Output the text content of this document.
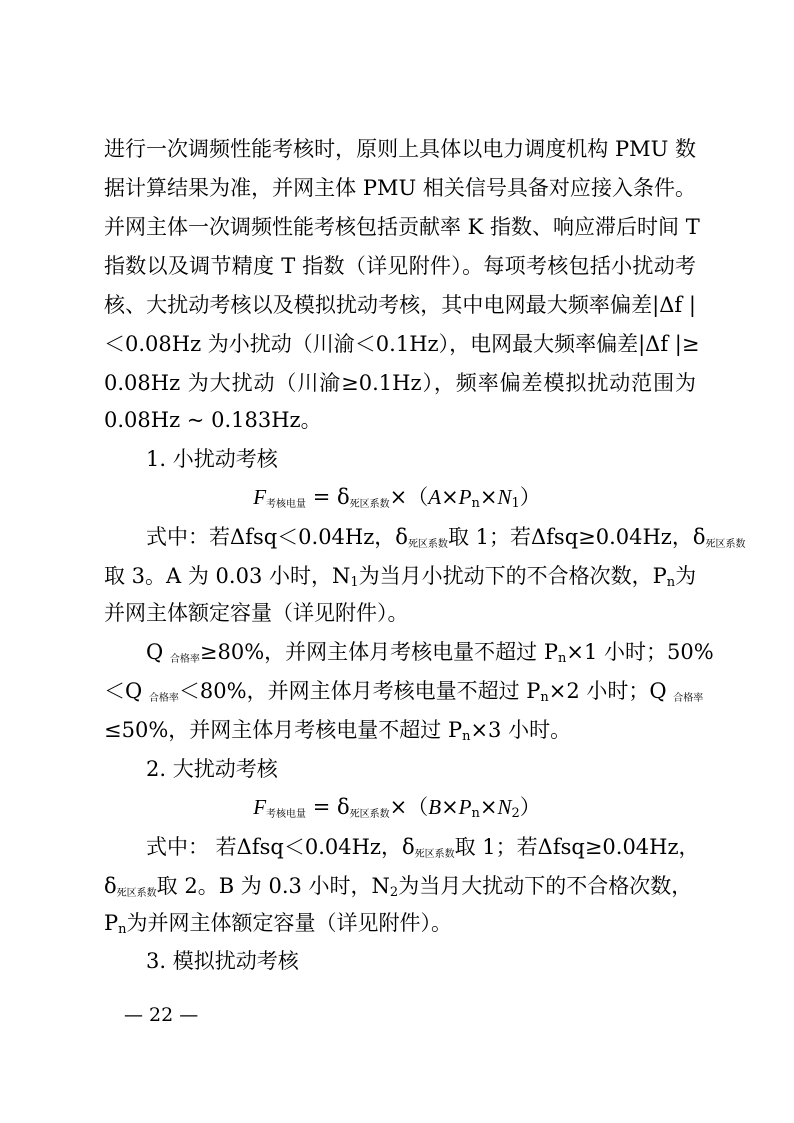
进行一次调频性能考核时，原则上具体以电力调度机构 PMU 数
据计算结果为准，并网主体 PMU 相关信号具备对应接入条件。
并网主体一次调频性能考核包括贡献率 K 指数、响应滞后时间 T
指数以及调节精度 T 指数（详见附件）。每项考核包括小扰动考
核、大扰动考核以及模拟扰动考核，其中电网最大频率偏差|Δf |
＜0.08Hz 为小扰动（川渝＜0.1Hz），电网最大频率偏差|Δf |≥
0.08Hz 为大扰动（川渝≥0.1Hz），频率偏差模拟扰动范围为
0.08Hz ~ 0.183Hz。
1. 小扰动考核
$F_{考核电量} = \delta_{死区系数}\times(A\times P_n\times N_1)$
式中：若Δfsq＜0.04Hz，$\delta_{死区系数}$取 1；若Δfsq≥0.04Hz，$\delta_{死区系数}$
取 3。A 为 0.03 小时，$N_1$为当月小扰动下的不合格次数，$P_n$为
并网主体额定容量（详见附件）。
Q $_{合格率}$≥80%，并网主体月考核电量不超过 $P_n\times 1$ 小时；50%
＜Q $_{合格率}$＜80%，并网主体月考核电量不超过 $P_n\times 2$ 小时；Q $_{合格率}$
≤50%，并网主体月考核电量不超过 $P_n\times 3$ 小时。
2. 大扰动考核
$F_{考核电量} = \delta_{死区系数}\times(B\times P_n\times N_2)$
式中： 若Δfsq＜0.04Hz，$\delta_{死区系数}$取 1；若Δfsq≥0.04Hz，
$\delta_{死区系数}$取 2。B 为 0.3 小时，$N_2$为当月大扰动下的不合格次数，
$P_n$为并网主体额定容量（详见附件）。
3. 模拟扰动考核
— 22 —
